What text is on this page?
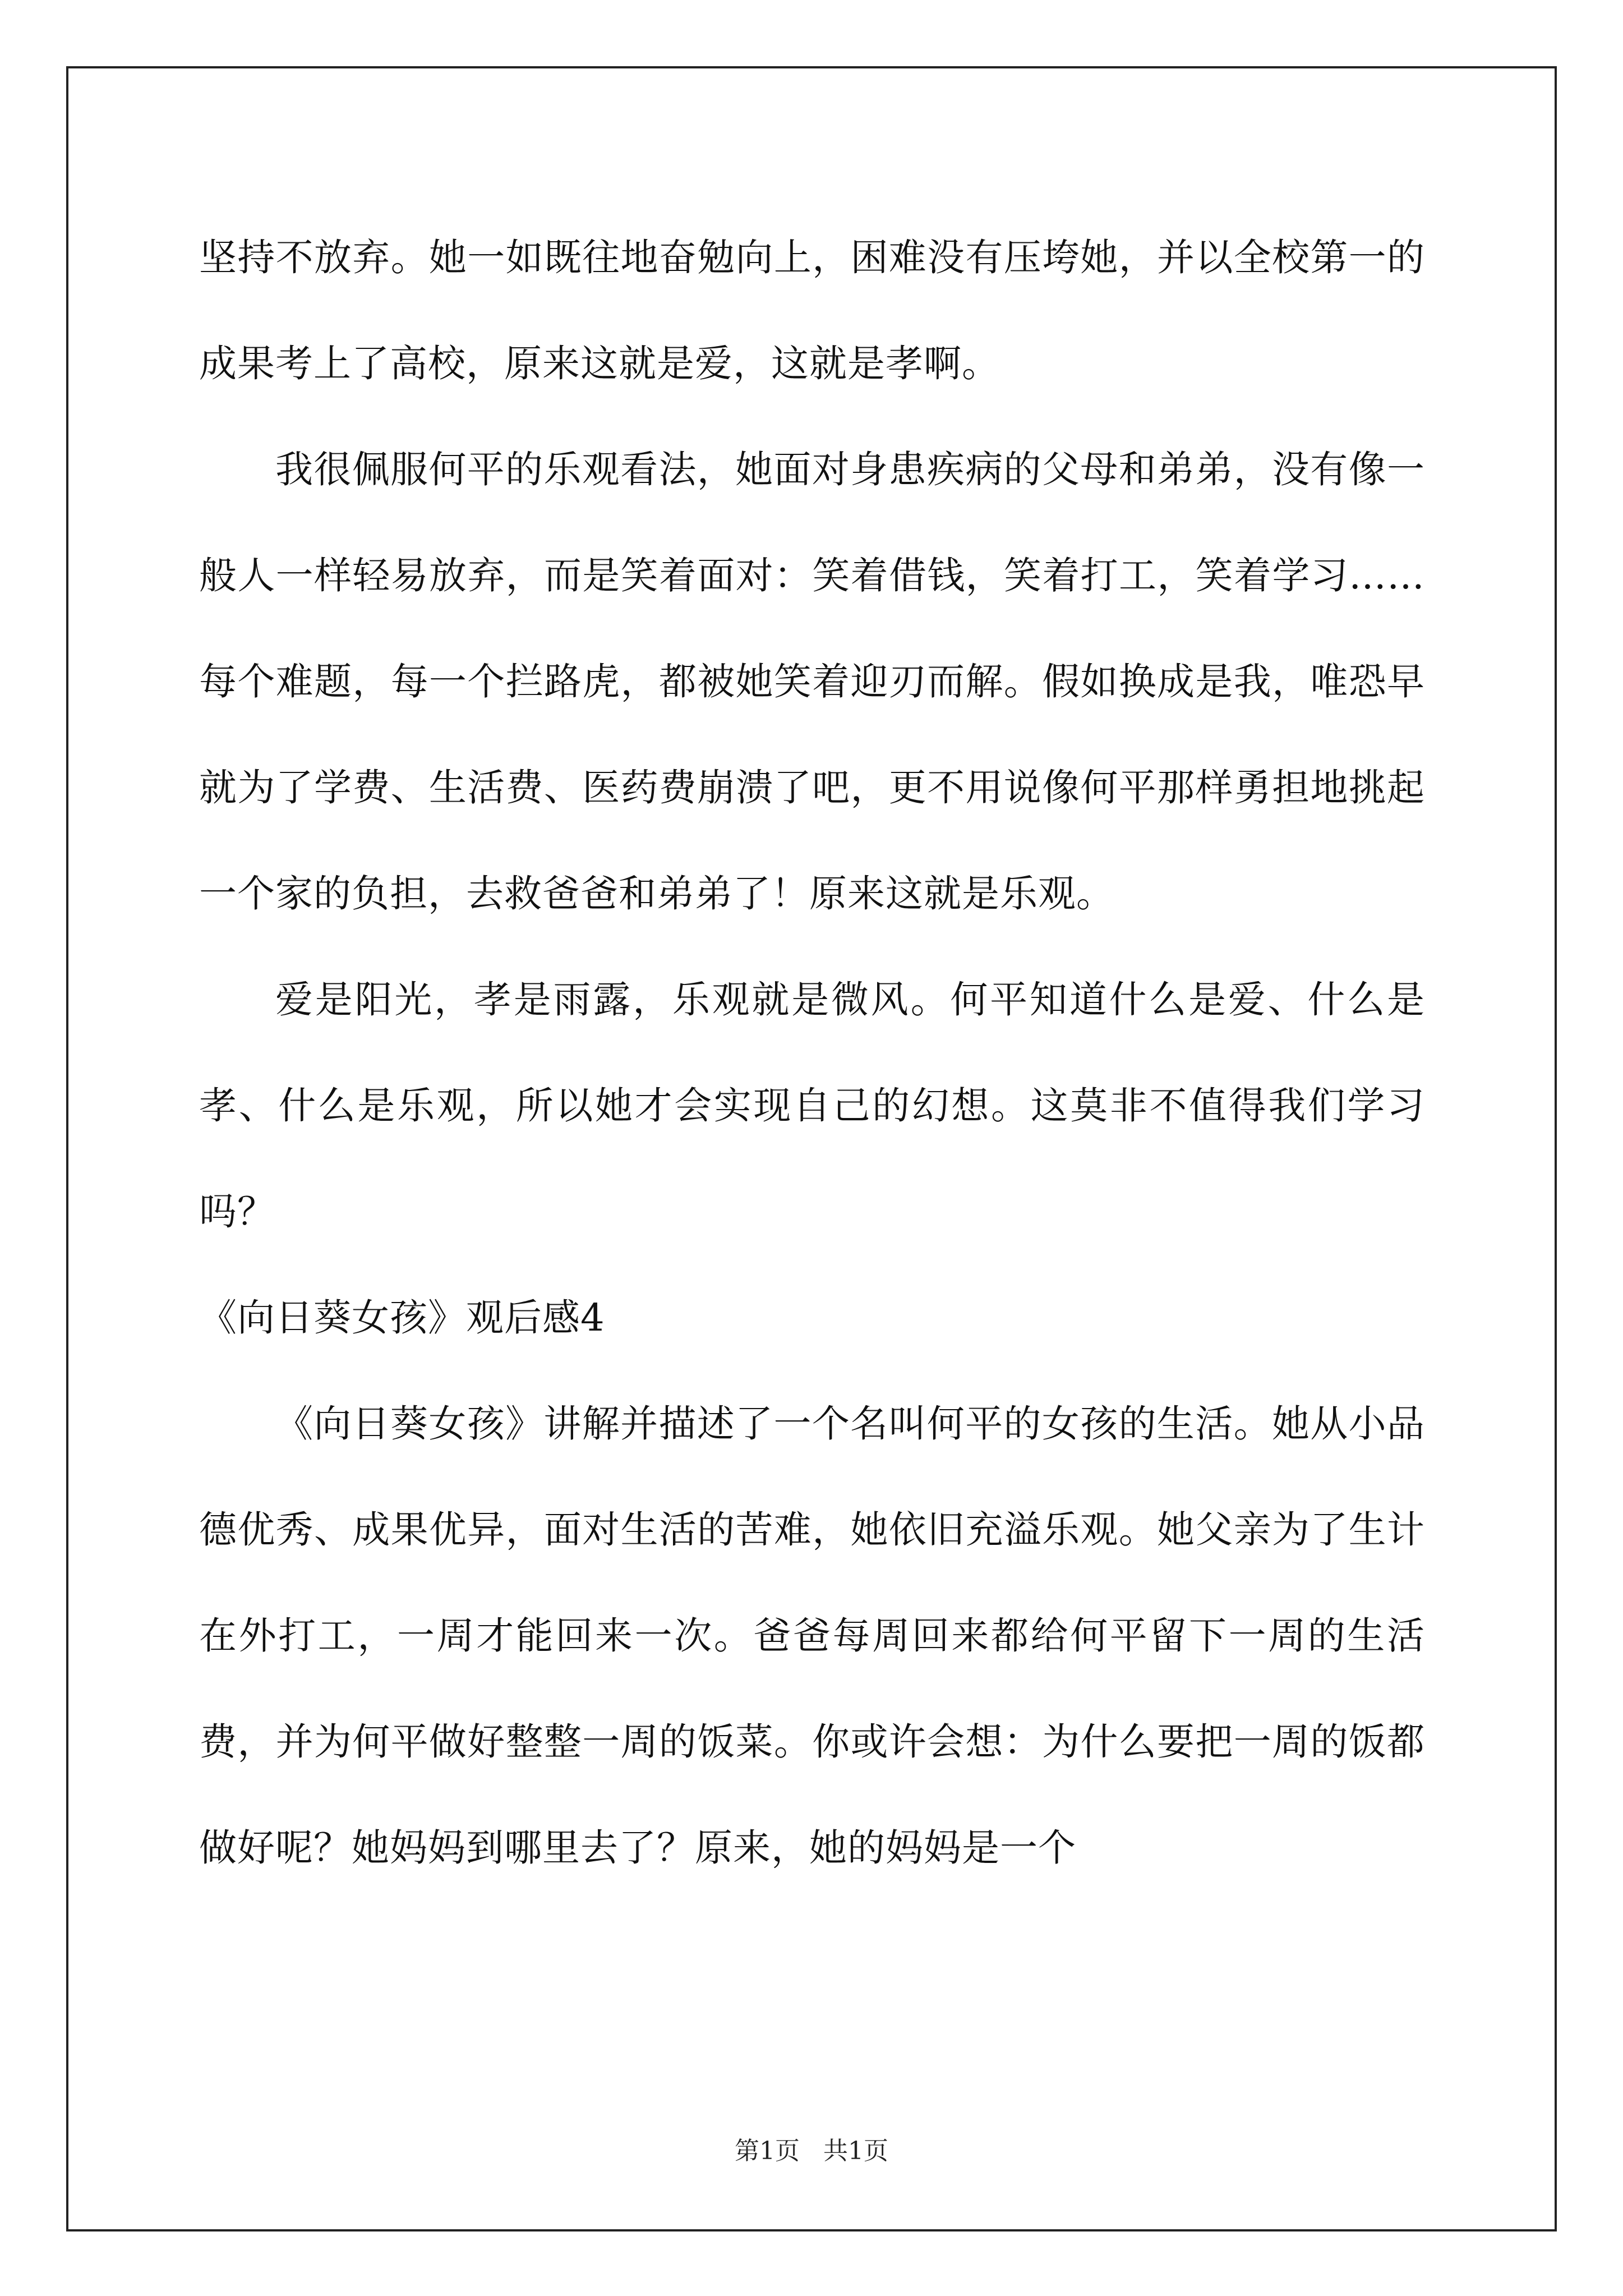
坚持不放弃。她一如既往地奋勉向上，困难没有压垮她，并以全校第一的成果考上了高校，原来这就是爱，这就是孝啊。

我很佩服何平的乐观看法，她面对身患疾病的父母和弟弟，没有像一般人一样轻易放弃，而是笑着面对：笑着借钱，笑着打工，笑着学习……每个难题，每一个拦路虎，都被她笑着迎刃而解。假如换成是我，唯恐早就为了学费、生活费、医药费崩溃了吧，更不用说像何平那样勇担地挑起一个家的负担，去救爸爸和弟弟了！原来这就是乐观。

爱是阳光，孝是雨露，乐观就是微风。何平知道什么是爱、什么是孝、什么是乐观，所以她才会实现自己的幻想。这莫非不值得我们学习吗？

《向日葵女孩》观后感4

《向日葵女孩》讲解并描述了一个名叫何平的女孩的生活。她从小品德优秀、成果优异，面对生活的苦难，她依旧充溢乐观。她父亲为了生计在外打工，一周才能回来一次。爸爸每周回来都给何平留下一周的生活费，并为何平做好整整一周的饭菜。你或许会想：为什么要把一周的饭都做好呢？她妈妈到哪里去了？原来，她的妈妈是一个

第1页 共1页
